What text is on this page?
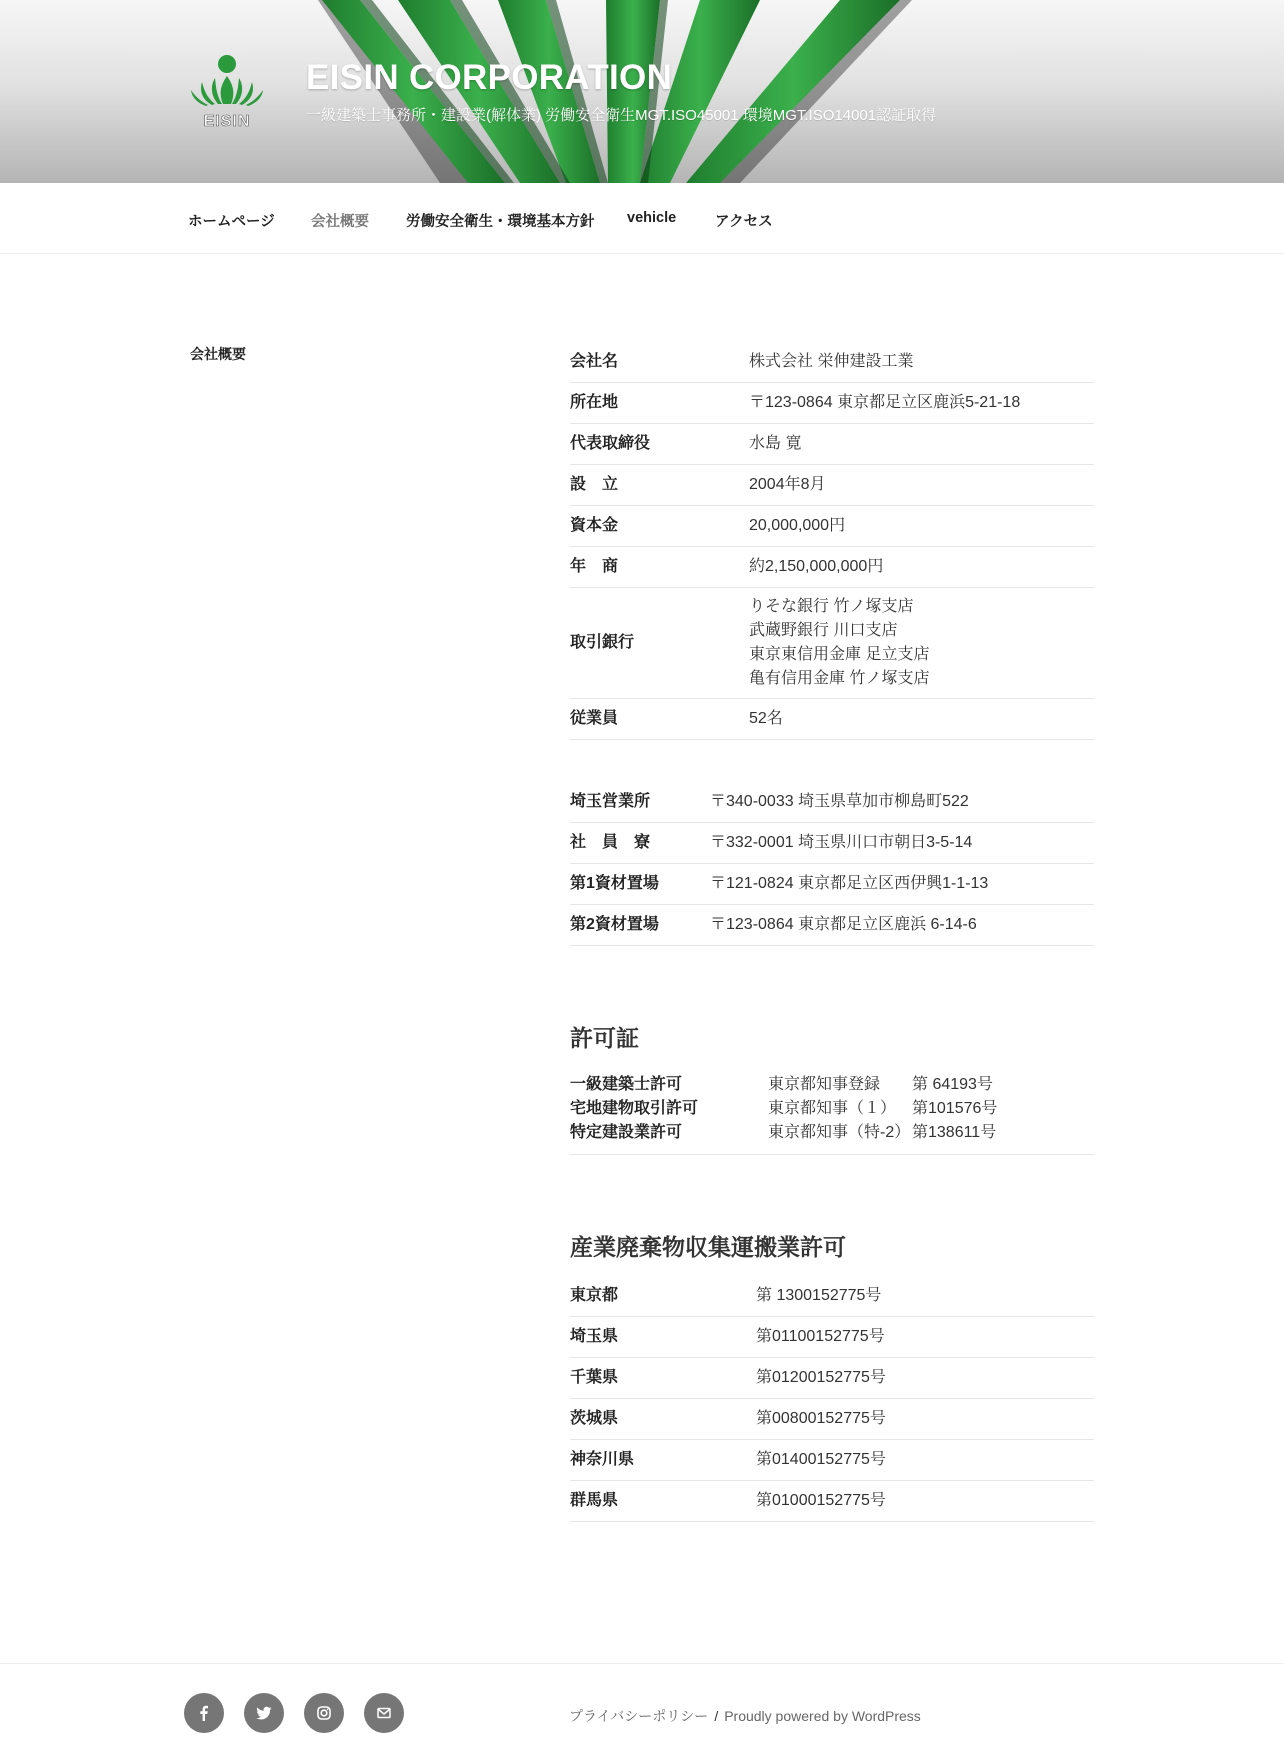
EISIN
EISIN CORPORATION

一級建築士事務所・建設業(解体業) 労働安全衛生MGT.ISO45001 環境MGT.ISO14001認証取得

ホームページ	会社概要	労働安全衛生・環境基本方針 vehicle	アクセス
会社概要	会社名	株式会社 栄伸建設工業
所在地	〒123-0864 東京都足立区鹿浜5-21-18
代表取締役	水島 寛
設　立	2004年8月
資本金	20,000,000円
年　商	約2,150,000,000円
取引銀行	りそな銀行 竹ノ塚支店
武蔵野銀行 川口支店
東京東信用金庫 足立支店
亀有信用金庫 竹ノ塚支店

従業員	52名
埼玉営業所	〒340-0033 埼玉県草加市柳島町522
社　員　寮	〒332-0001 埼玉県川口市朝日3-5-14
第1資材置場	〒121-0824 東京都足立区西伊興1-1-13
第2資材置場	〒123-0864 東京都足立区鹿浜 6-14-6
許可証
一級建築士許可	東京都知事登録	第 64193号
宅地建物取引許可	東京都知事（１） 第101576号
特定建設業許可	東京都知事（特-2） 第138611号
産業廃棄物収集運搬業許可
東京都	第 1300152775号
埼玉県	第01100152775号
千葉県	第01200152775号
茨城県	第00800152775号
神奈川県	第01400152775号
群馬県	第01000152775号
プライバシーポリシー / Proudly powered by WordPress
